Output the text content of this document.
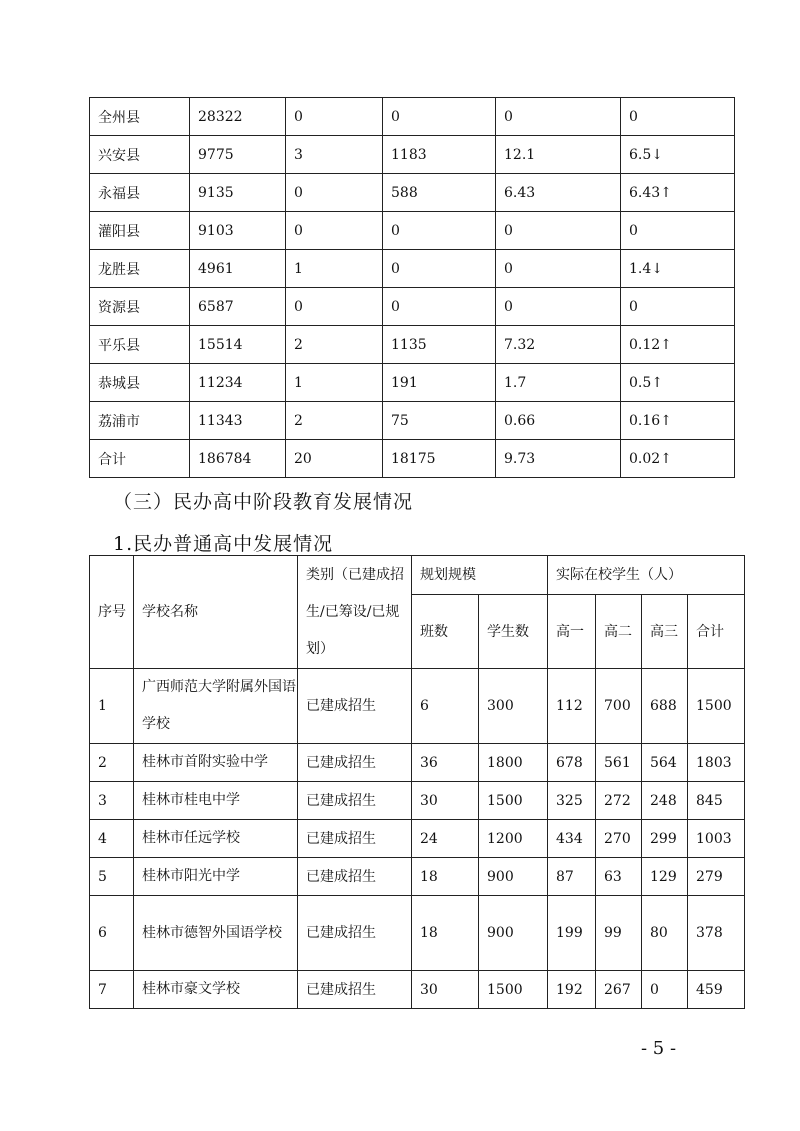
全州县	28322	0	0	0	0
兴安县	9775	3	1183	12.1	6.5↓
永福县	9135	0	588	6.43	6.43↑
灌阳县	9103	0	0	0	0
龙胜县	4961	1	0	0	1.4↓
资源县	6587	0	0	0	0
平乐县	15514	2	1135	7.32	0.12↑
恭城县	11234	1	191	1.7	0.5↑
荔浦市	11343	2	75	0.66	0.16↑
合计	186784	20	18175	9.73	0.02↑
（三）民办高中阶段教育发展情况
1.民办普通高中发展情况
序号	学校名称	类别（已建成招生/已筹设/已规划）	规划规模		实际在校学生（人）			
			班数	学生数	高一	高二	高三	合计
1	广西师范大学附属外国语学校	已建成招生	6	300	112	700	688	1500
2	桂林市首附实验中学	已建成招生	36	1800	678	561	564	1803
3	桂林市桂电中学	已建成招生	30	1500	325	272	248	845
4	桂林市任远学校	已建成招生	24	1200	434	270	299	1003
5	桂林市阳光中学	已建成招生	18	900	87	63	129	279
6	桂林市德智外国语学校	已建成招生	18	900	199	99	80	378
7	桂林市豪文学校	已建成招生	30	1500	192	267	0	459
- 5 -
